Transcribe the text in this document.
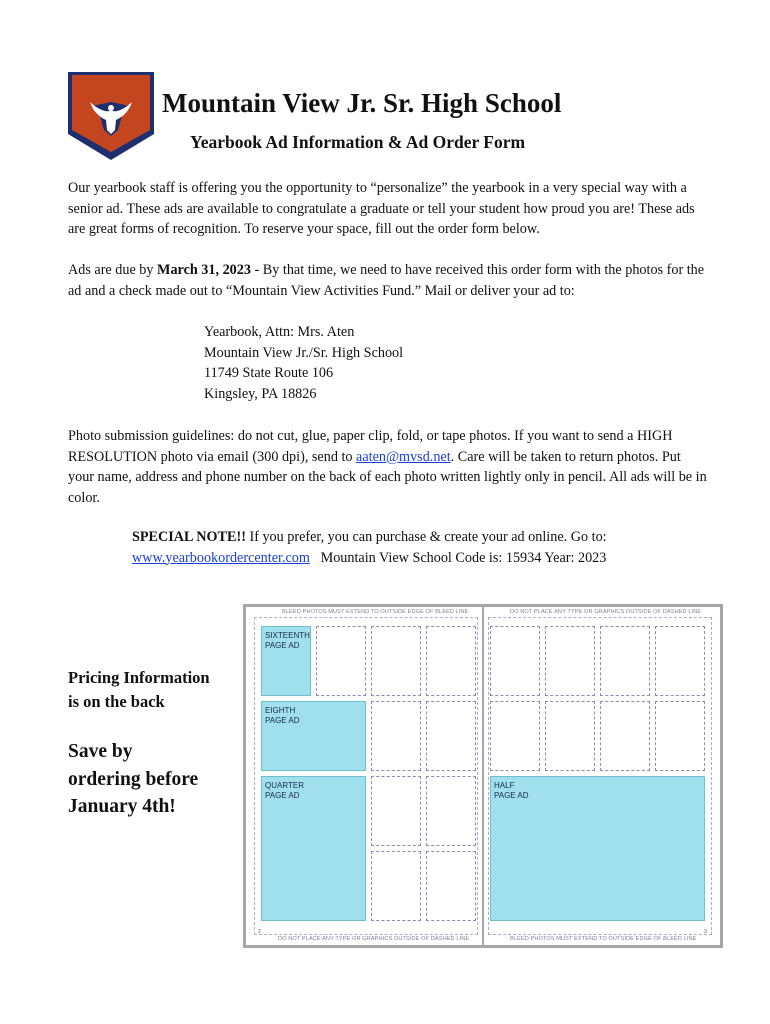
Mountain View Jr. Sr. High School
Yearbook Ad Information & Ad Order Form

Our yearbook staff is offering you the opportunity to “personalize” the yearbook in a very special way with a senior ad. These ads are available to congratulate a graduate or tell your student how proud you are! These ads are great forms of recognition. To reserve your space, fill out the order form below.

Ads are due by March 31, 2023 - By that time, we need to have received this order form with the photos for the ad and a check made out to “Mountain View Activities Fund.” Mail or deliver your ad to:

Yearbook, Attn: Mrs. Aten
Mountain View Jr./Sr. High School
11749 State Route 106
Kingsley, PA 18826

Photo submission guidelines: do not cut, glue, paper clip, fold, or tape photos. If you want to send a HIGH RESOLUTION photo via email (300 dpi), send to aaten@mvsd.net. Care will be taken to return photos. Put your name, address and phone number on the back of each photo written lightly only in pencil. All ads will be in color.

SPECIAL NOTE!! If you prefer, you can purchase & create your ad online. Go to:
www.yearbookordercenter.com   Mountain View School Code is: 15934 Year: 2023

Pricing Information
is on the back
Save by
ordering before
January 4th!
BLEED PHOTOS MUST EXTEND TO OUTSIDE EDGE OF BLEED LINE
DO NOT PLACE ANY TYPE OR GRAPHICS OUTSIDE OF DASHED LINE
2
SIXTEENTH
PAGE AD
EIGHTH
PAGE AD
QUARTER
PAGE AD
DO NOT PLACE ANY TYPE OR GRAPHICS OUTSIDE OF DASHED LINE
BLEED PHOTOS MUST EXTEND TO OUTSIDE EDGE OF BLEED LINE
3
HALF
PAGE AD
